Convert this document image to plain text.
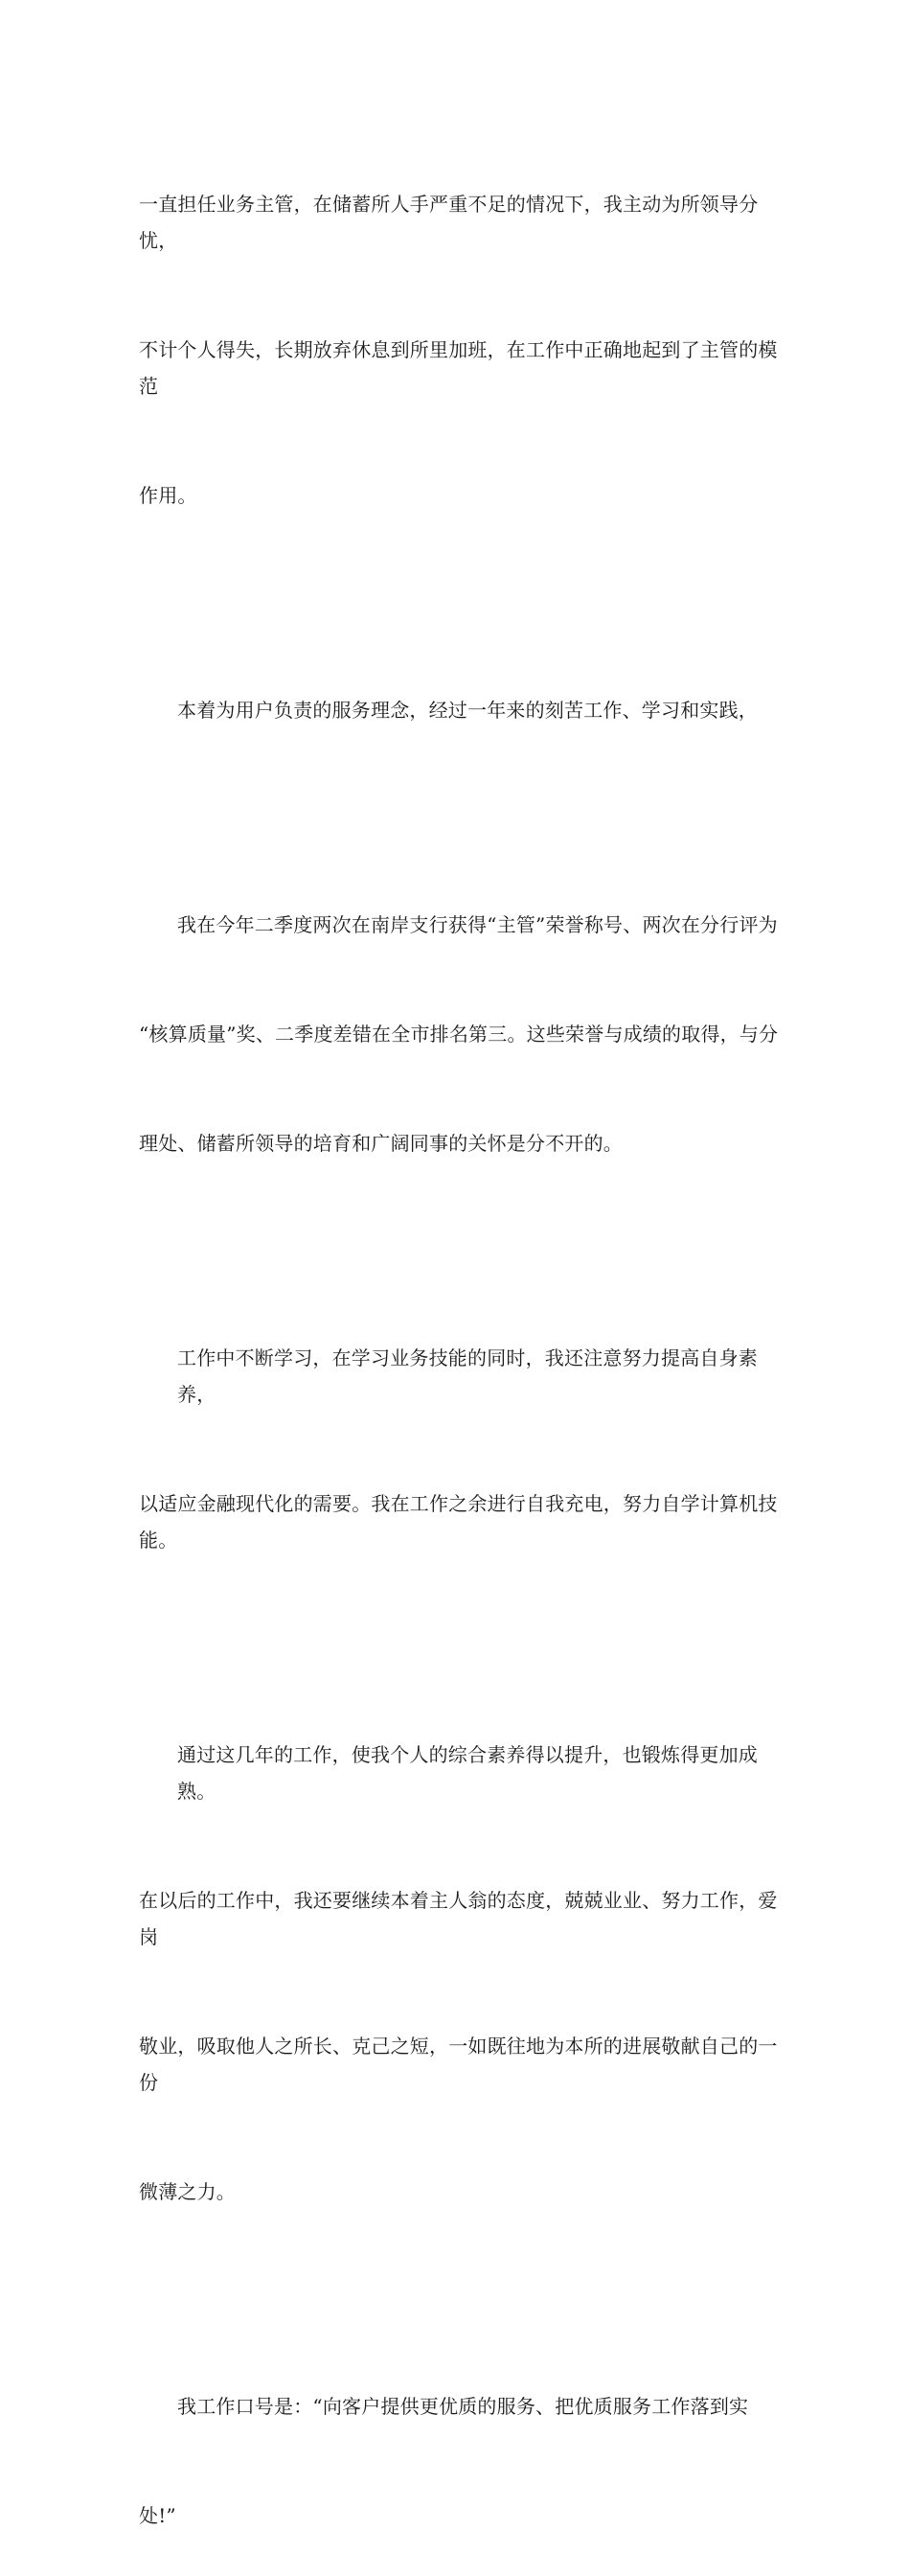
一直担任业务主管，在储蓄所人手严重不足的情况下，我主动为所领导分忧，

不计个人得失，长期放弃休息到所里加班，在工作中正确地起到了主管的模范

作用。

本着为用户负责的服务理念，经过一年来的刻苦工作、学习和实践，

我在今年二季度两次在南岸支行获得“主管”荣誉称号、两次在分行评为

“核算质量”奖、二季度差错在全市排名第三。这些荣誉与成绩的取得，与分

理处、储蓄所领导的培育和广阔同事的关怀是分不开的。

工作中不断学习，在学习业务技能的同时，我还注意努力提高自身素养，

以适应金融现代化的需要。我在工作之余进行自我充电，努力自学计算机技能。

通过这几年的工作，使我个人的综合素养得以提升，也锻炼得更加成熟。

在以后的工作中，我还要继续本着主人翁的态度，兢兢业业、努力工作，爱岗

敬业，吸取他人之所长、克己之短，一如既往地为本所的进展敬献自己的一份

微薄之力。

我工作口号是：“向客户提供更优质的服务、把优质服务工作落到实

处!”
